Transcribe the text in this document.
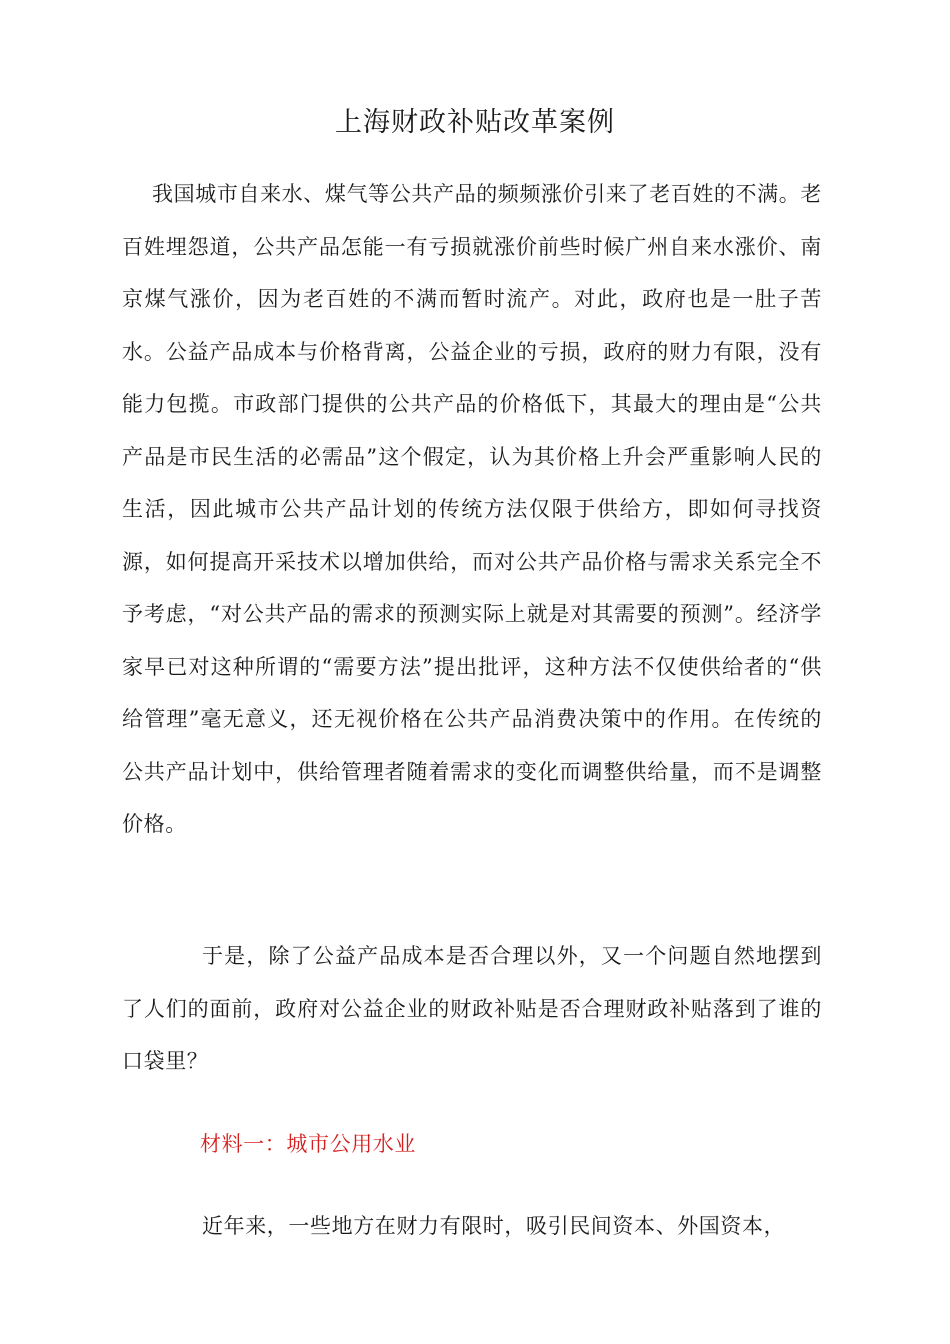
上海财政补贴改革案例

我国城市自来水、煤气等公共产品的频频涨价引来了老百姓的不满。老百姓埋怨道，公共产品怎能一有亏损就涨价前些时候广州自来水涨价、南京煤气涨价，因为老百姓的不满而暂时流产。对此，政府也是一肚子苦水。公益产品成本与价格背离，公益企业的亏损，政府的财力有限，没有能力包揽。市政部门提供的公共产品的价格低下，其最大的理由是“公共产品是市民生活的必需品”这个假定，认为其价格上升会严重影响人民的生活，因此城市公共产品计划的传统方法仅限于供给方，即如何寻找资源，如何提高开采技术以增加供给，而对公共产品价格与需求关系完全不予考虑，“对公共产品的需求的预测实际上就是对其需要的预测”。经济学家早已对这种所谓的“需要方法”提出批评，这种方法不仅使供给者的“供给管理”毫无意义，还无视价格在公共产品消费决策中的作用。在传统的公共产品计划中，供给管理者随着需求的变化而调整供给量，而不是调整价格。

于是，除了公益产品成本是否合理以外，又一个问题自然地摆到了人们的面前，政府对公益企业的财政补贴是否合理财政补贴落到了谁的口袋里？

材料一：城市公用水业

近年来，一些地方在财力有限时，吸引民间资本、外国资本，
